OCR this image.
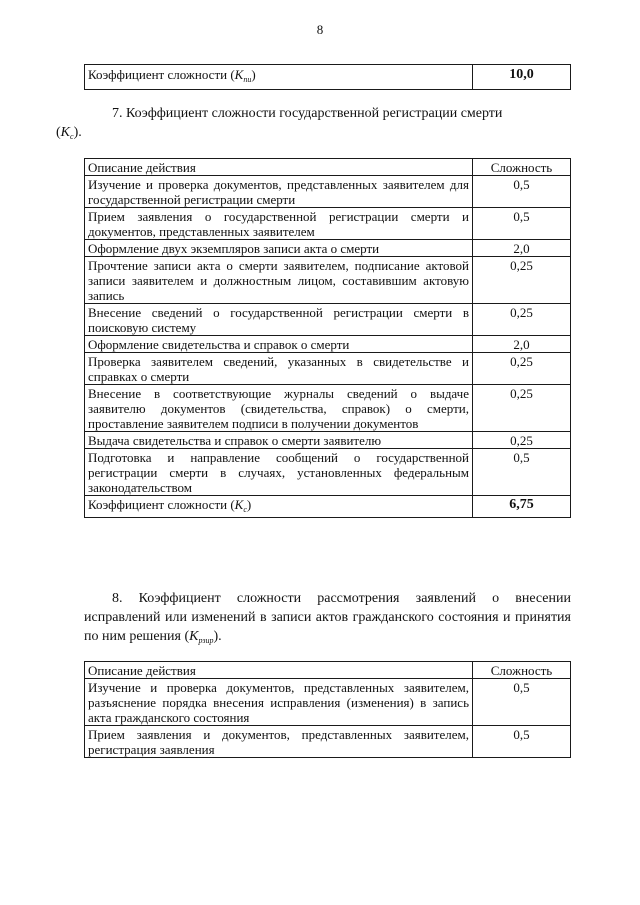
8
Коэффициент сложности $(K_{пи})$	10,0
7. Коэффициент сложности государственной регистрации смерти
$(K_c)$.
Описание действия	Сложность
Изучение и проверка документов, представленных заявителем для государственной регистрации смерти	0,5
Прием заявления о государственной регистрации смерти и документов, представленных заявителем	0,5
Оформление двух экземпляров записи акта о смерти	2,0
Прочтение записи акта о смерти заявителем, подписание актовой записи заявителем и должностным лицом, составившим актовую запись	0,25
Внесение сведений о государственной регистрации смерти в поисковую систему	0,25
Оформление свидетельства и справок о смерти	2,0
Проверка заявителем сведений, указанных в свидетельстве и справках о смерти	0,25
Внесение в соответствующие журналы сведений о выдаче заявителю документов (свидетельства, справок) о смерти, проставление заявителем подписи в получении документов	0,25
Выдача свидетельства и справок о смерти заявителю	0,25
Подготовка и направление сообщений о государственной регистрации смерти в случаях, установленных федеральным законодательством	0,5
Коэффициент сложности $(K_c)$	6,75
8. Коэффициент сложности рассмотрения заявлений о внесении исправлений или изменений в записи актов гражданского состояния и принятия по ним решения $(K_{рзир})$.
Описание действия	Сложность
Изучение и проверка документов, представленных заявителем, разъяснение порядка внесения исправления (изменения) в запись акта гражданского состояния	0,5
Прием заявления и документов, представленных заявителем, регистрация заявления	0,5
